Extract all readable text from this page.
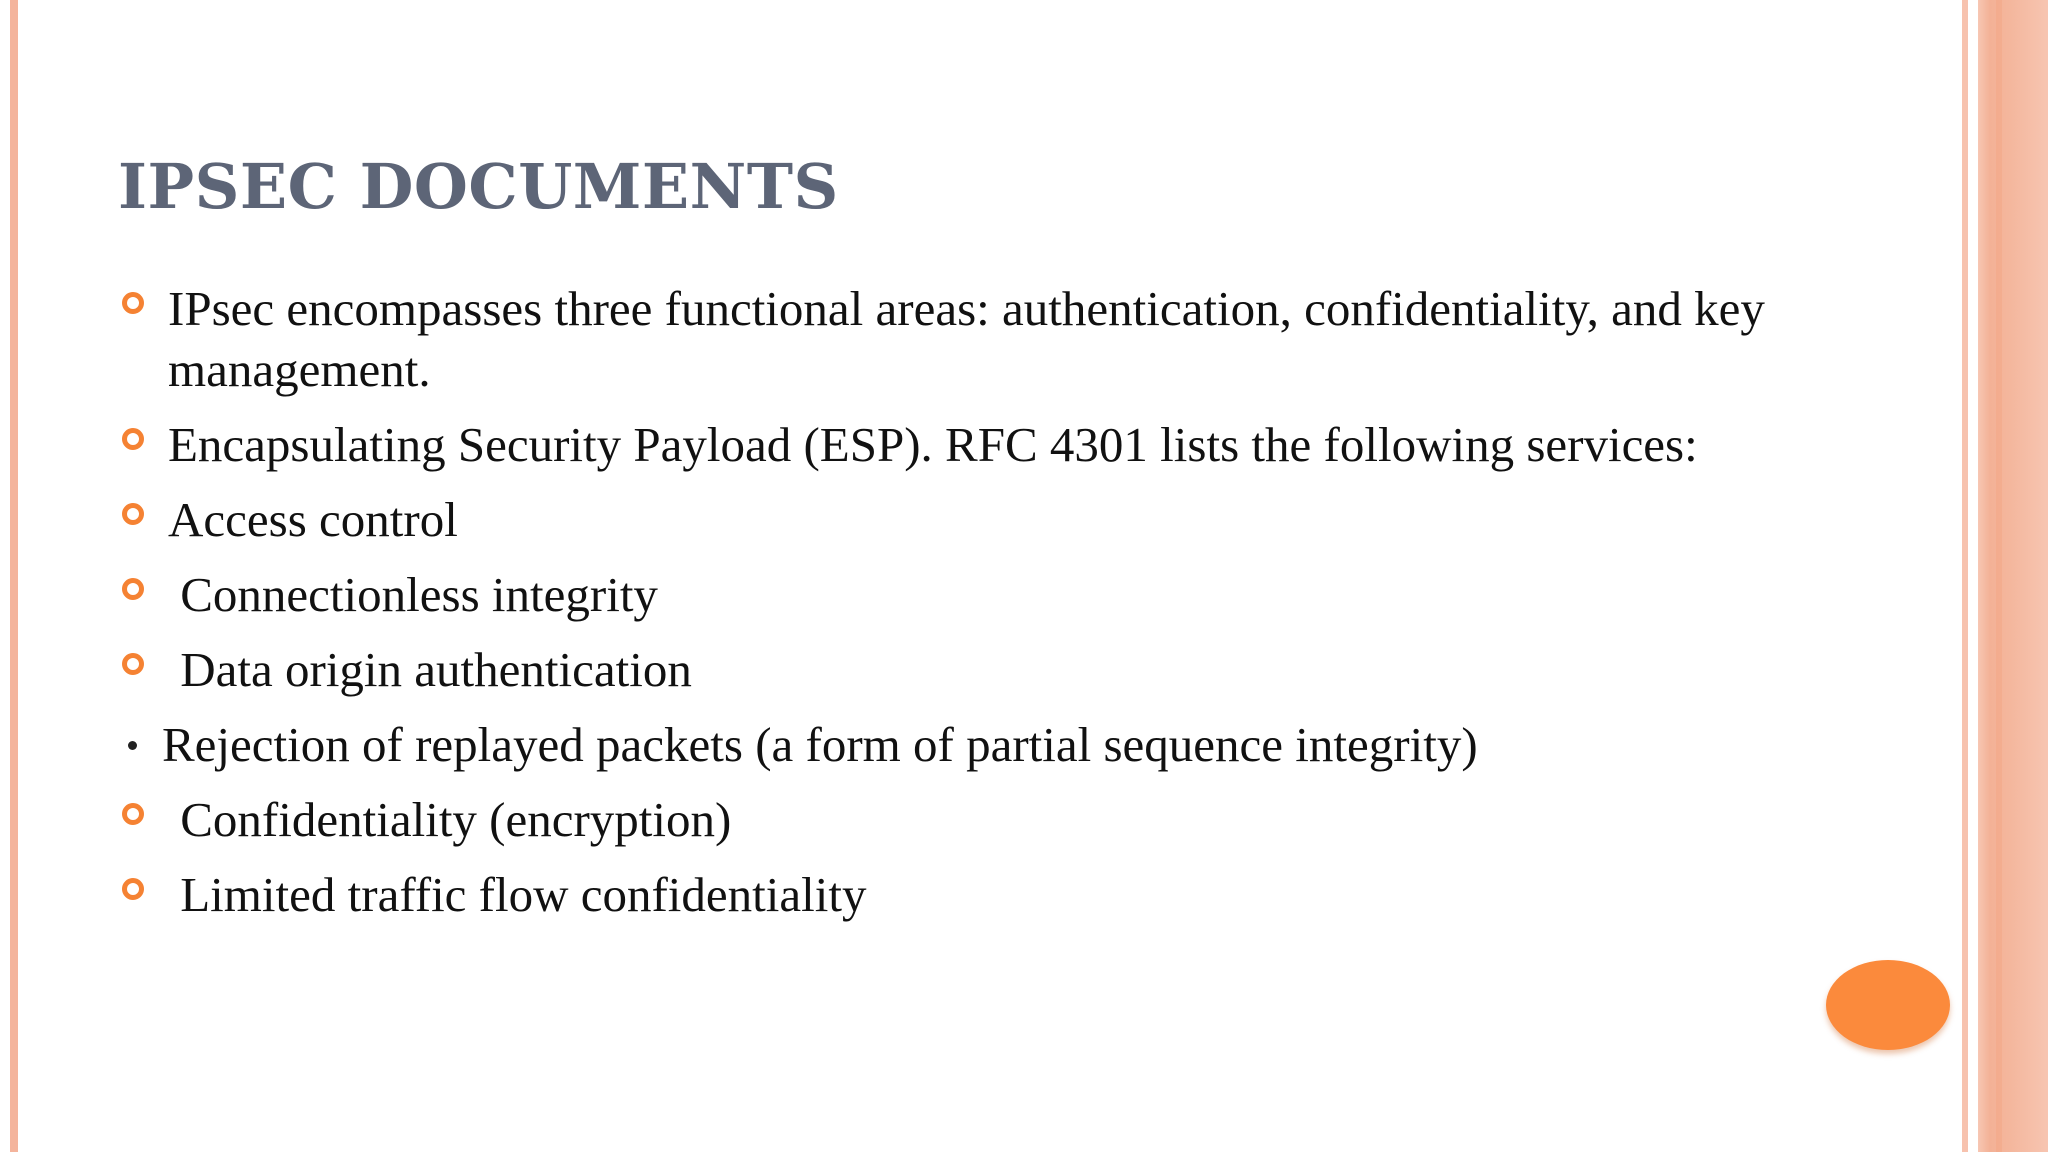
IPSEC DOCUMENTS
IPsec encompasses three functional areas: authentication, confidentiality, and key management.
Encapsulating Security Payload (ESP). RFC 4301 lists the following services:
Access control
Connectionless integrity
Data origin authentication
Rejection of replayed packets (a form of partial sequence integrity)
Confidentiality (encryption)
Limited traffic flow confidentiality
